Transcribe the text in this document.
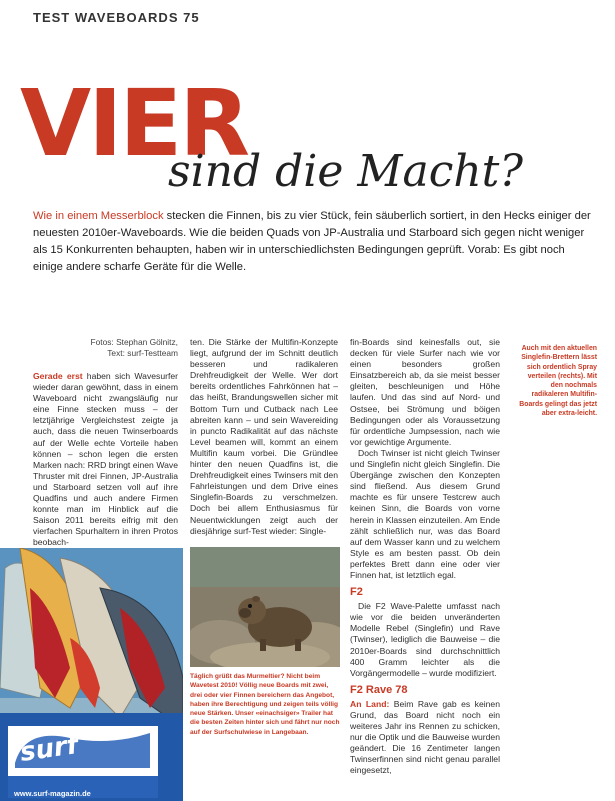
TEST WAVEBOARDS 75
VIER
sind die Macht?
Wie in einem Messerblock stecken die Finnen, bis zu vier Stück, fein säuberlich sortiert, in den Hecks einiger der neuesten 2010er-Waveboards. Wie die beiden Quads von JP-Australia und Starboard sich gegen nicht weniger als 15 Konkurrenten behaupten, haben wir in unterschiedlichsten Bedingungen geprüft. Vorab: Es gibt noch einige andere scharfe Geräte für die Welle.
Fotos: Stephan Gölnitz,
Text: surf-Testteam

Gerade erst haben sich Wavesurfer wieder daran gewöhnt, dass in einem Waveboard nicht zwangsläufig nur eine Finne stecken muss – der letztjährige Vergleichstest zeigte ja auch, dass die neuen Twinserboards auf der Welle echte Vorteile haben können – schon legen die ersten Marken nach: RRD bringt einen Wave Thruster mit drei Finnen, JP-Australia und Starboard setzen voll auf ihre Quadfins und auch andere Firmen konnte man im Hinblick auf die Saison 2011 bereits eifrig mit den vierfachen Spurhaltern in ihren Protos beobach-

ten. Die Stärke der Multifin-Konzepte liegt, aufgrund der im Schnitt deutlich besseren und radikaleren Drehfreudigkeit der Welle. Wer dort bereits ordentliches Fahrkönnen hat – das heißt, Brandungswellen sicher mit Bottom Turn und Cutback nach Lee abreiten kann – und sein Wavereiding in puncto Radikalität auf das nächste Level beamen will, kommt an einem Multifin kaum vorbei. Die Gründlee hinter den neuen Quadfins ist, die Drehfreudigkeit eines Twinsers mit den Fahrleistungen und dem Drive eines Singlefin-Boards zu verschmelzen. Doch bei allem Enthusiasmus für Neuentwicklungen zeigt auch der diesjährige surf-Test wieder: Single-

fin-Boards sind keinesfalls out, sie decken für viele Surfer nach wie vor einen besonders großen Einsatzbereich ab, da sie meist besser gleiten, beschleunigen und Höhe laufen. Und das sind auf Nord- und Ostsee, bei Strömung und böigen Bedingungen oder als Voraussetzung für ordentliche Jumpsession, nach wie vor gewichtige Argumente.

Doch Twinser ist nicht gleich Twinser und Singlefin nicht gleich Singlefin. Die Übergänge zwischen den Konzepten sind fließend. Aus diesem Grund machte es für unsere Testcrew auch keinen Sinn, die Boards von vorne herein in Klassen einzuteilen. Am Ende zählt schließlich nur, was das Board auf dem Wasser kann und zu welchem Style es am besten passt. Ob dein perfektes Brett dann eine oder vier Finnen hat, ist letztlich egal.

F2

Die F2 Wave-Palette umfasst nach wie vor die beiden unveränderten Modelle Rebel (Singlefin) und Rave (Twinser), lediglich die Bauweise – die 2010er-Boards sind durchschnittlich 400 Gramm leichter als die Vorgängermodelle – wurde modifiziert.

F2 Rave 78

An Land: Beim Rave gab es keinen Grund, das Board nicht noch ein weiteres Jahr ins Rennen zu schicken, nur die Optik und die Bauweise wurden geändert. Die 16 Zentimeter langen Twinserfinnen sind nicht genau parallel eingesetzt,

Auch mit den aktuellen Singlefin-Brettern lässt sich ordentlich Spray verteilen (rechts). Mit den nochmals radikaleren Multifin-Boards gelingt das jetzt aber extra-leicht.
surf
www.surf-magazin.de
Täglich grüßt das Murmeltier? Nicht beim Wavetest 2010! Völlig neue Boards mit zwei, drei oder vier Finnen bereichern das Angebot, haben ihre Berechtigung und zeigen teils völlig neue Stärken. Unser «einachsiger» Trailer hat die besten Zeiten hinter sich und fährt nur noch auf der Surfschulwiese in Langebaan.
